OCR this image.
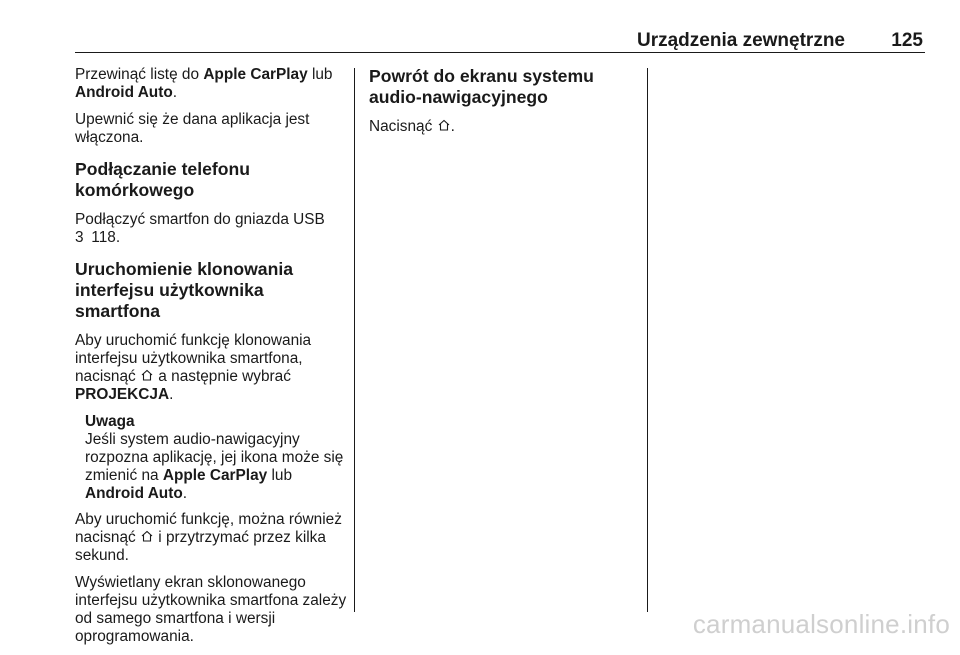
Urządzenia zewnętrzne 125

Przewinąć listę do Apple CarPlay lub
Android Auto.

Upewnić się że dana aplikacja jest włączona.

Podłączanie telefonu komórkowego

Podłączyć smartfon do gniazda USB
3 118.

Uruchomienie klonowania interfejsu użytkownika smartfona

Aby uruchomić funkcję klonowania interfejsu użytkownika smartfona, nacisnąć  a następnie wybrać
PROJEKCJA.

Uwaga
Jeśli system audio-nawigacyjny rozpozna aplikację, jej ikona może się zmienić na Apple CarPlay lub
Android Auto.

Aby uruchomić funkcję, można również nacisnąć  i przytrzymać przez kilka sekund.

Wyświetlany ekran sklonowanego interfejsu użytkownika smartfona zależy od samego smartfona i wersji oprogramowania.

Powrót do ekranu systemu audio-nawigacyjnego

Nacisnąć .

carmanualsonline.info
